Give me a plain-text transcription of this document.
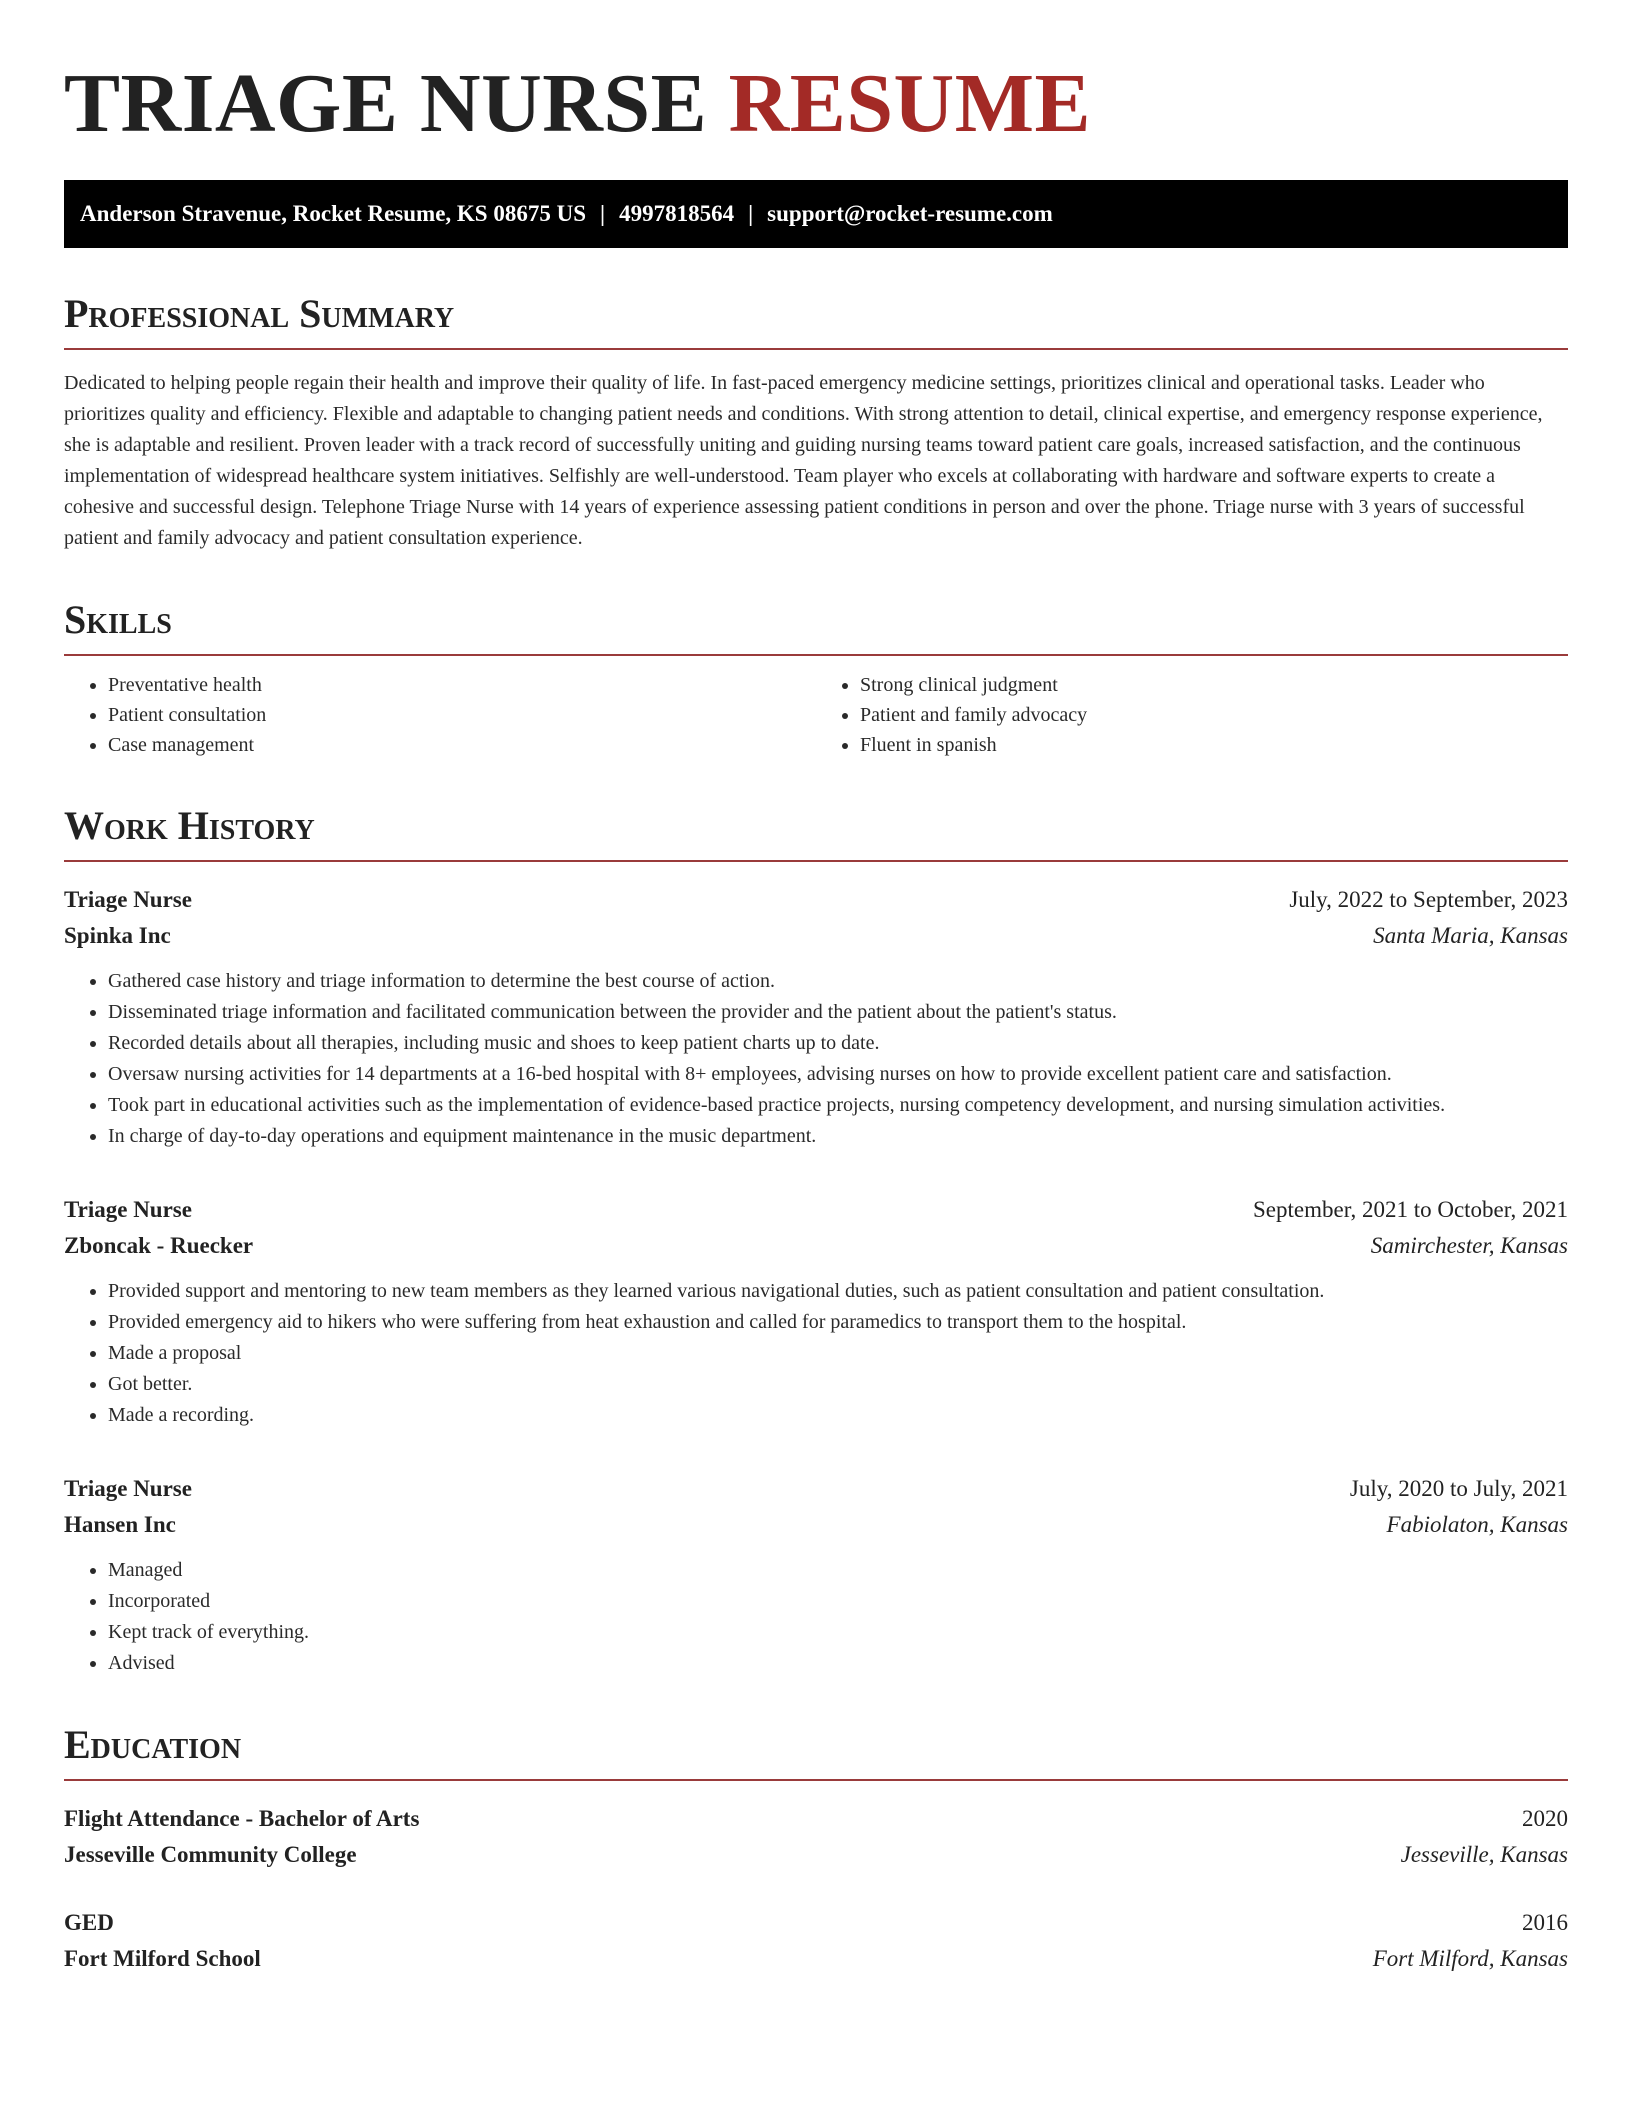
TRIAGE NURSE RESUME
Anderson Stravenue, Rocket Resume, KS 08675 US | 4997818564 | support@rocket-resume.com
Professional Summary

Dedicated to helping people regain their health and improve their quality of life. In fast-paced emergency medicine settings, prioritizes clinical and operational tasks. Leader who prioritizes quality and efficiency. Flexible and adaptable to changing patient needs and conditions. With strong attention to detail, clinical expertise, and emergency response experience, she is adaptable and resilient. Proven leader with a track record of successfully uniting and guiding nursing teams toward patient care goals, increased satisfaction, and the continuous implementation of widespread healthcare system initiatives. Selfishly are well-understood. Team player who excels at collaborating with hardware and software experts to create a cohesive and successful design. Telephone Triage Nurse with 14 years of experience assessing patient conditions in person and over the phone. Triage nurse with 3 years of successful patient and family advocacy and patient consultation experience.

Skills
• Preventative health
• Patient consultation
• Case management
• Strong clinical judgment
• Patient and family advocacy
• Fluent in spanish
Work History
Triage Nurse	July, 2022 to September, 2023
Spinka Inc	Santa Maria, Kansas
• Gathered case history and triage information to determine the best course of action.
• Disseminated triage information and facilitated communication between the provider and the patient about the patient's status.
• Recorded details about all therapies, including music and shoes to keep patient charts up to date.
• Oversaw nursing activities for 14 departments at a 16-bed hospital with 8+ employees, advising nurses on how to provide excellent patient care and satisfaction.
• Took part in educational activities such as the implementation of evidence-based practice projects, nursing competency development, and nursing simulation activities.
• In charge of day-to-day operations and equipment maintenance in the music department.
Triage Nurse	September, 2021 to October, 2021
Zboncak - Ruecker	Samirchester, Kansas
• Provided support and mentoring to new team members as they learned various navigational duties, such as patient consultation and patient consultation.
• Provided emergency aid to hikers who were suffering from heat exhaustion and called for paramedics to transport them to the hospital.
• Made a proposal
• Got better.
• Made a recording.
Triage Nurse	July, 2020 to July, 2021
Hansen Inc	Fabiolaton, Kansas
• Managed
• Incorporated
• Kept track of everything.
• Advised
Education
Flight Attendance - Bachelor of Arts	2020
Jesseville Community College	Jesseville, Kansas
GED	2016
Fort Milford School	Fort Milford, Kansas
